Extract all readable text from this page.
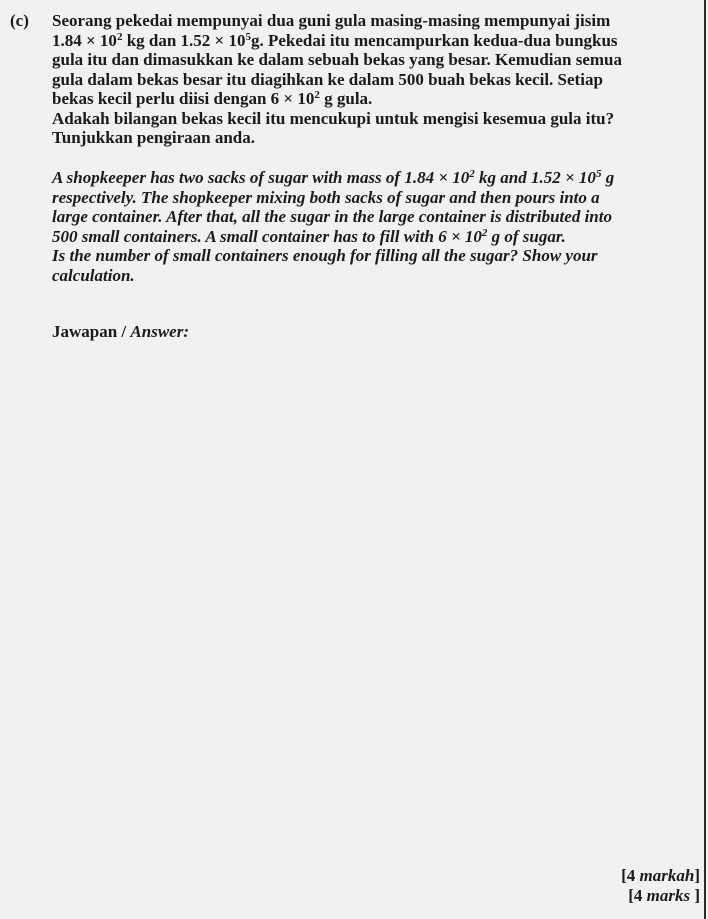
(c) Seorang pekedai mempunyai dua guni gula masing-masing mempunyai jisim
$1.84 \times 10^2$ kg dan $1.52 \times 10^5g$. Pekedai itu mencampurkan kedua-dua bungkus
gula itu dan dimasukkan ke dalam sebuah bekas yang besar. Kemudian semua
gula dalam bekas besar itu diagihkan ke dalam 500 buah bekas kecil. Setiap
bekas kecil perlu diisi dengan $6 \times 10^2$ g gula.
Adakah bilangan bekas kecil itu mencukupi untuk mengisi kesemua gula itu?
Tunjukkan pengiraan anda.
A shopkeeper has two sacks of sugar with mass of $1.84 \times 10^2$ kg and $1.52 \times 10^5$ g
respectively. The shopkeeper mixing both sacks of sugar and then pours into a
large container. After that, all the sugar in the large container is distributed into
500 small containers. A small container has to fill with $6 \times 10^2$ g of sugar.
Is the number of small containers enough for filling all the sugar? Show your
calculation.
Jawapan / Answer:
[4 markah]
[4 marks ]
